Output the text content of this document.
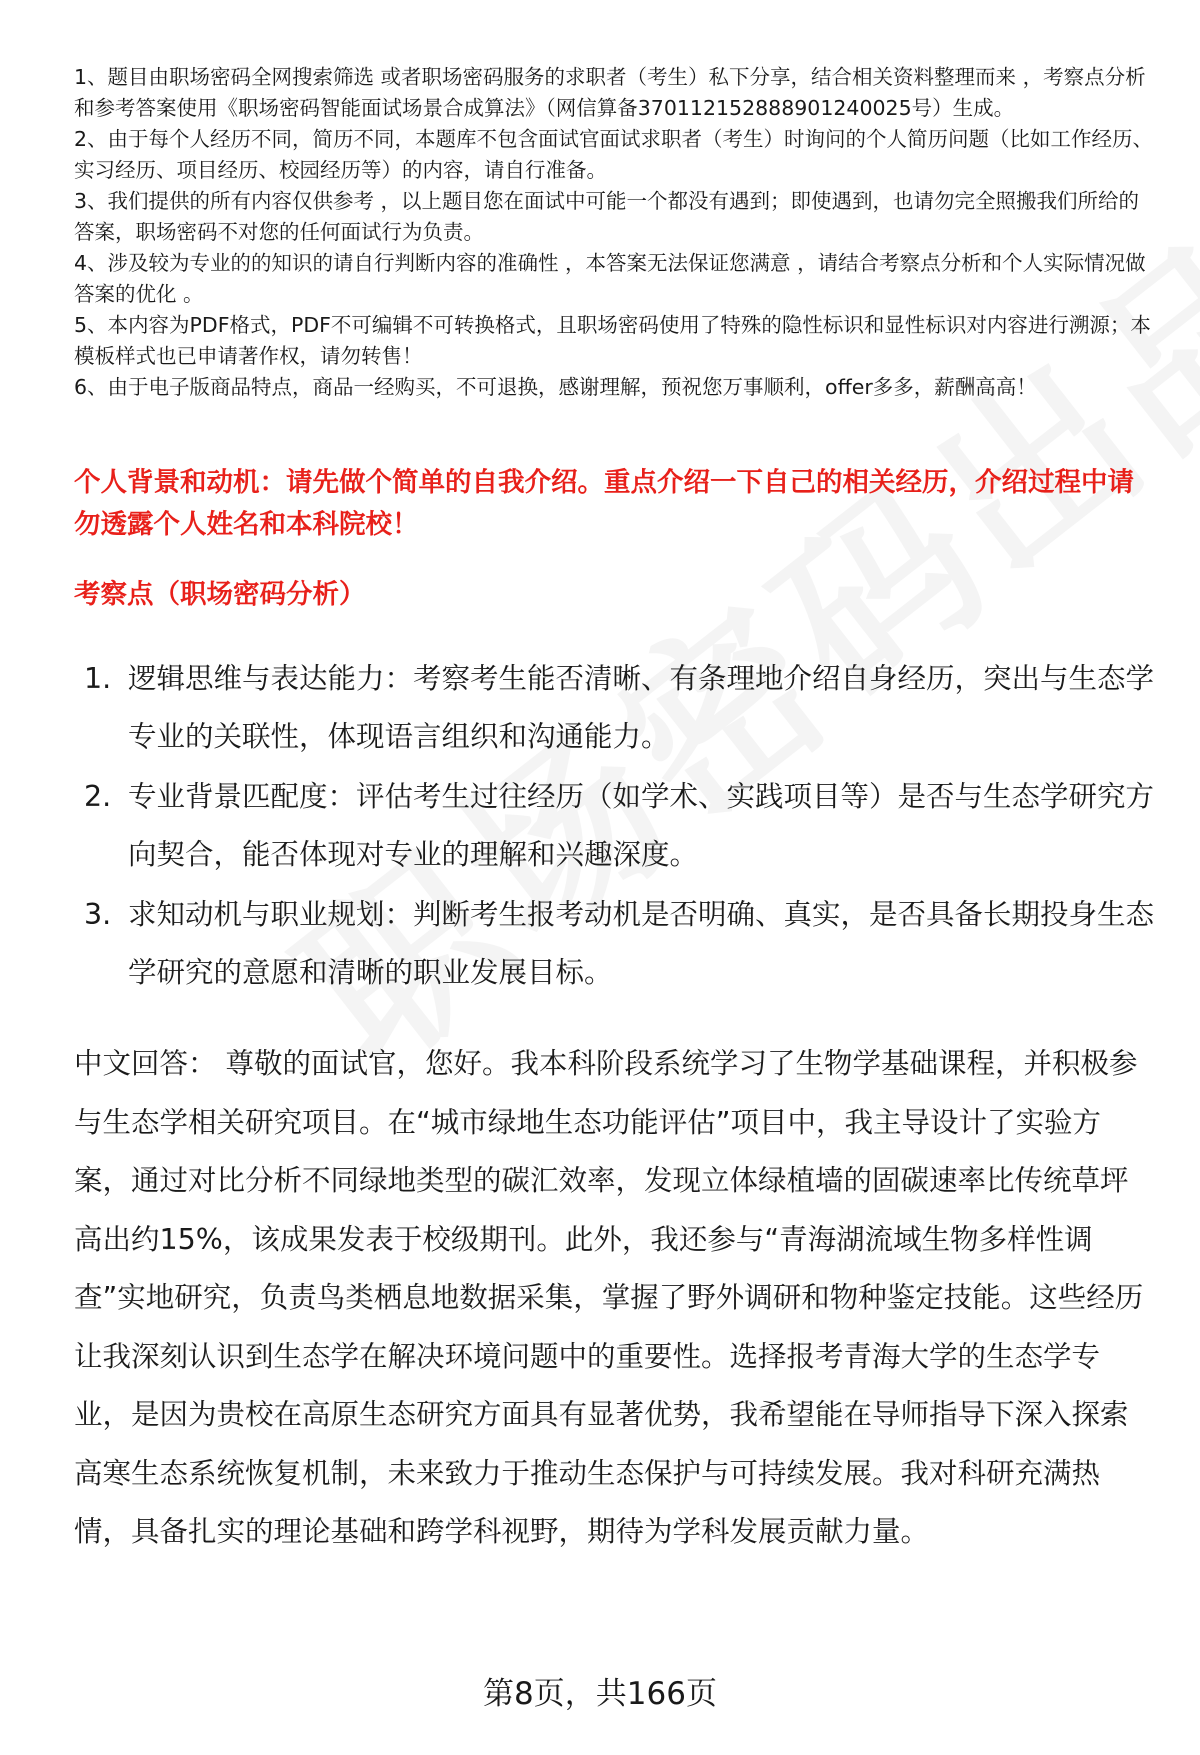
1、题目由职场密码全网搜索筛选 或者职场密码服务的求职者（考生）私下分享，结合相关资料整理而来 ，考察点分析和参考答案使用《职场密码智能面试场景合成算法》（网信算备370112152888901240025号）生成。

2、由于每个人经历不同，简历不同，本题库不包含面试官面试求职者（考生）时询问的个人简历问题（比如工作经历、实习经历、项目经历、校园经历等）的内容，请自行准备。

3、我们提供的所有内容仅供参考 ，以上题目您在面试中可能一个都没有遇到；即使遇到，也请勿完全照搬我们所给的答案，职场密码不对您的任何面试行为负责。

4、涉及较为专业的的知识的请自行判断内容的准确性 ，本答案无法保证您满意 ，请结合考察点分析和个人实际情况做答案的优化 。

5、本内容为PDF格式，PDF不可编辑不可转换格式，且职场密码使用了特殊的隐性标识和显性标识对内容进行溯源；本模板样式也已申请著作权，请勿转售！

6、由于电子版商品特点，商品一经购买，不可退换，感谢理解，预祝您万事顺利，offer多多，薪酬高高！

个人背景和动机：请先做个简单的自我介绍。重点介绍一下自己的相关经历，介绍过程中请勿透露个人姓名和本科院校！
考察点（职场密码分析）
1. 逻辑思维与表达能力：考察考生能否清晰、有条理地介绍自身经历，突出与生态学专业的关联性，体现语言组织和沟通能力。
2. 专业背景匹配度：评估考生过往经历（如学术、实践项目等）是否与生态学研究方向契合，能否体现对专业的理解和兴趣深度。
3. 求知动机与职业规划：判断考生报考动机是否明确、真实，是否具备长期投身生态学研究的意愿和清晰的职业发展目标。

中文回答： 尊敬的面试官，您好。我本科阶段系统学习了生物学基础课程，并积极参与生态学相关研究项目。在“城市绿地生态功能评估”项目中，我主导设计了实验方案，通过对比分析不同绿地类型的碳汇效率，发现立体绿植墙的固碳速率比传统草坪高出约15%，该成果发表于校级期刊。此外，我还参与“青海湖流域生物多样性调查”实地研究，负责鸟类栖息地数据采集，掌握了野外调研和物种鉴定技能。这些经历让我深刻认识到生态学在解决环境问题中的重要性。选择报考青海大学的生态学专业，是因为贵校在高原生态研究方面具有显著优势，我希望能在导师指导下深入探索高寒生态系统恢复机制，未来致力于推动生态保护与可持续发展。我对科研充满热情，具备扎实的理论基础和跨学科视野，期待为学科发展贡献力量。

第8页，共166页
